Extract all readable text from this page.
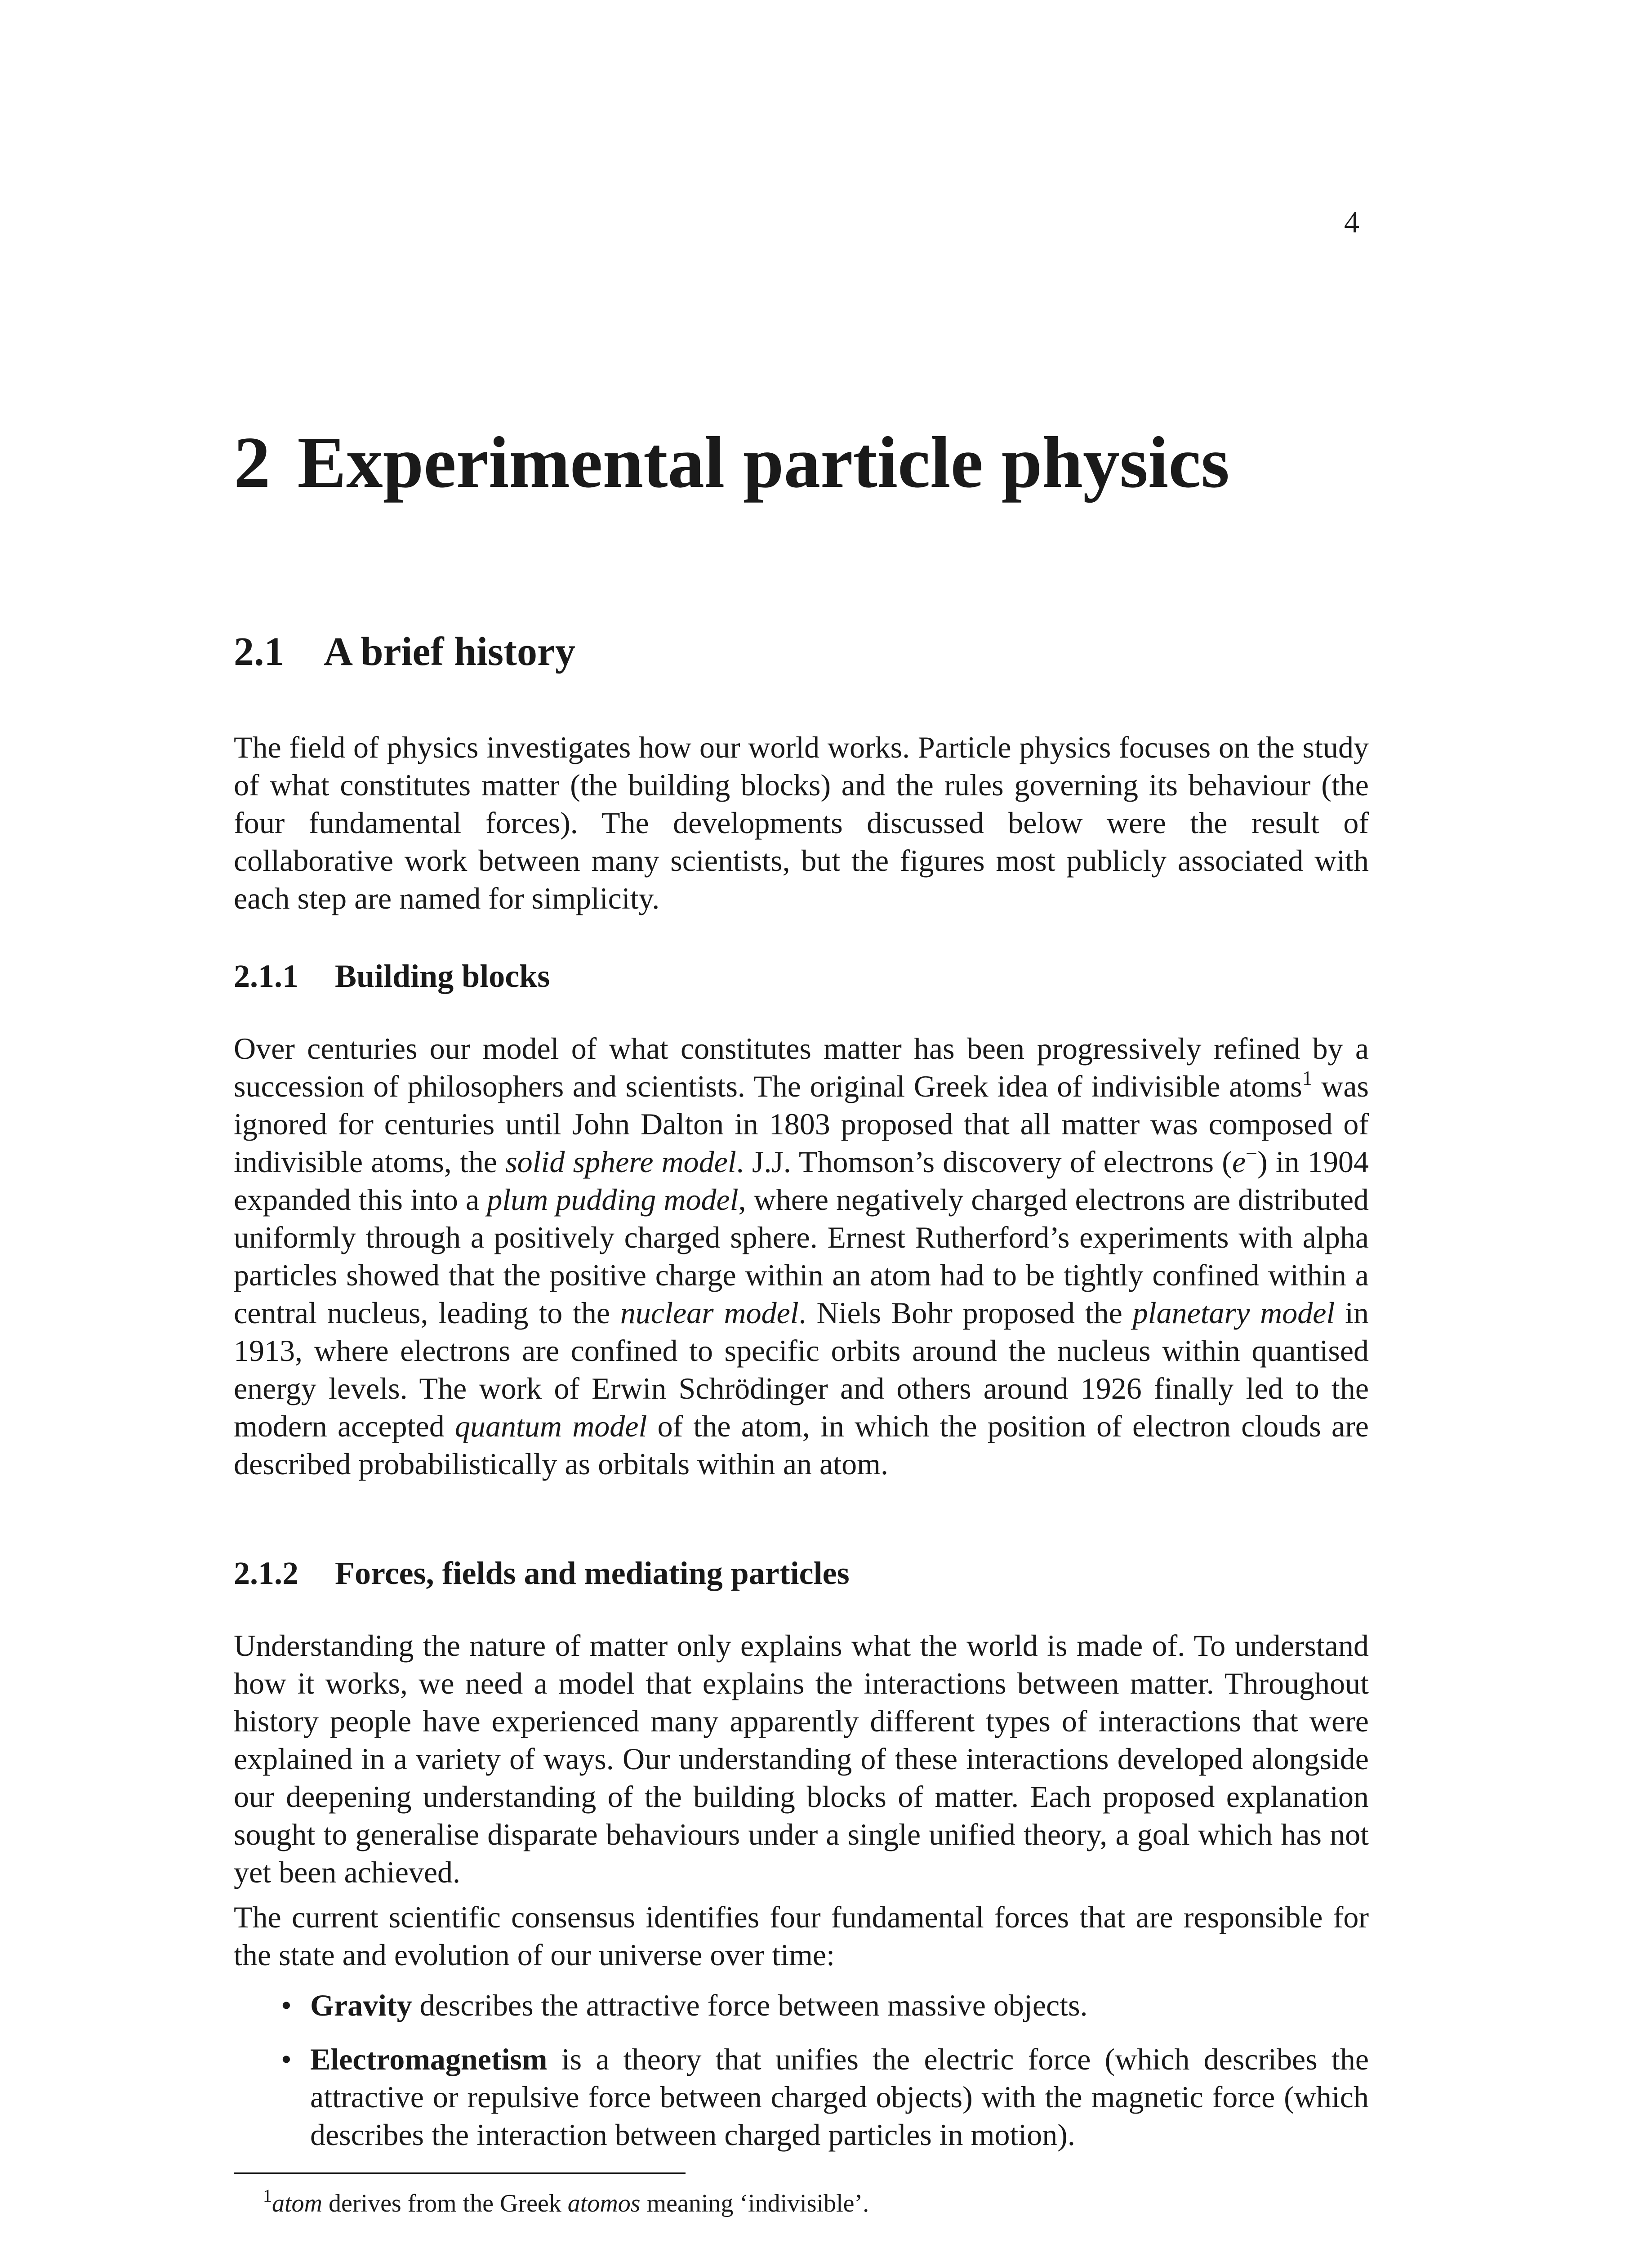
4
2 Experimental particle physics
2.1 A brief history

The field of physics investigates how our world works. Particle physics focuses on the study of what constitutes matter (the building blocks) and the rules governing its behaviour (the four fundamental forces). The developments discussed below were the result of collaborative work between many scientists, but the figures most publicly associated with each step are named for simplicity.

2.1.1 Building blocks

Over centuries our model of what constitutes matter has been progressively refined by a succession of philosophers and scientists. The original Greek idea of indivisible atoms$^1$ was ignored for centuries until John Dalton in 1803 proposed that all matter was composed of indivisible atoms, the solid sphere model. J.J. Thomson’s discovery of electrons (e−) in 1904 expanded this into a plum pudding model, where negatively charged electrons are distributed uniformly through a positively charged sphere. Ernest Rutherford’s experiments with alpha particles showed that the positive charge within an atom had to be tightly confined within a central nucleus, leading to the nuclear model. Niels Bohr proposed the planetary model in 1913, where electrons are confined to specific orbits around the nucleus within quantised energy levels. The work of Erwin Schrödinger and others around 1926 finally led to the modern accepted quantum model of the atom, in which the position of electron clouds are described probabilistically as orbitals within an atom.

2.1.2 Forces, fields and mediating particles

Understanding the nature of matter only explains what the world is made of. To understand how it works, we need a model that explains the interactions between matter. Throughout history people have experienced many apparently different types of interactions that were explained in a variety of ways. Our understanding of these interactions developed alongside our deepening understanding of the building blocks of matter. Each proposed explanation sought to generalise disparate behaviours under a single unified theory, a goal which has not yet been achieved.

The current scientific consensus identifies four fundamental forces that are responsible for the state and evolution of our universe over time:

• Gravity describes the attractive force between massive objects.
• Electromagnetism is a theory that unifies the electric force (which describes the attractive or repulsive force between charged objects) with the magnetic force (which describes the interaction between charged particles in motion).
$^1$atom derives from the Greek atomos meaning ‘indivisible’.
